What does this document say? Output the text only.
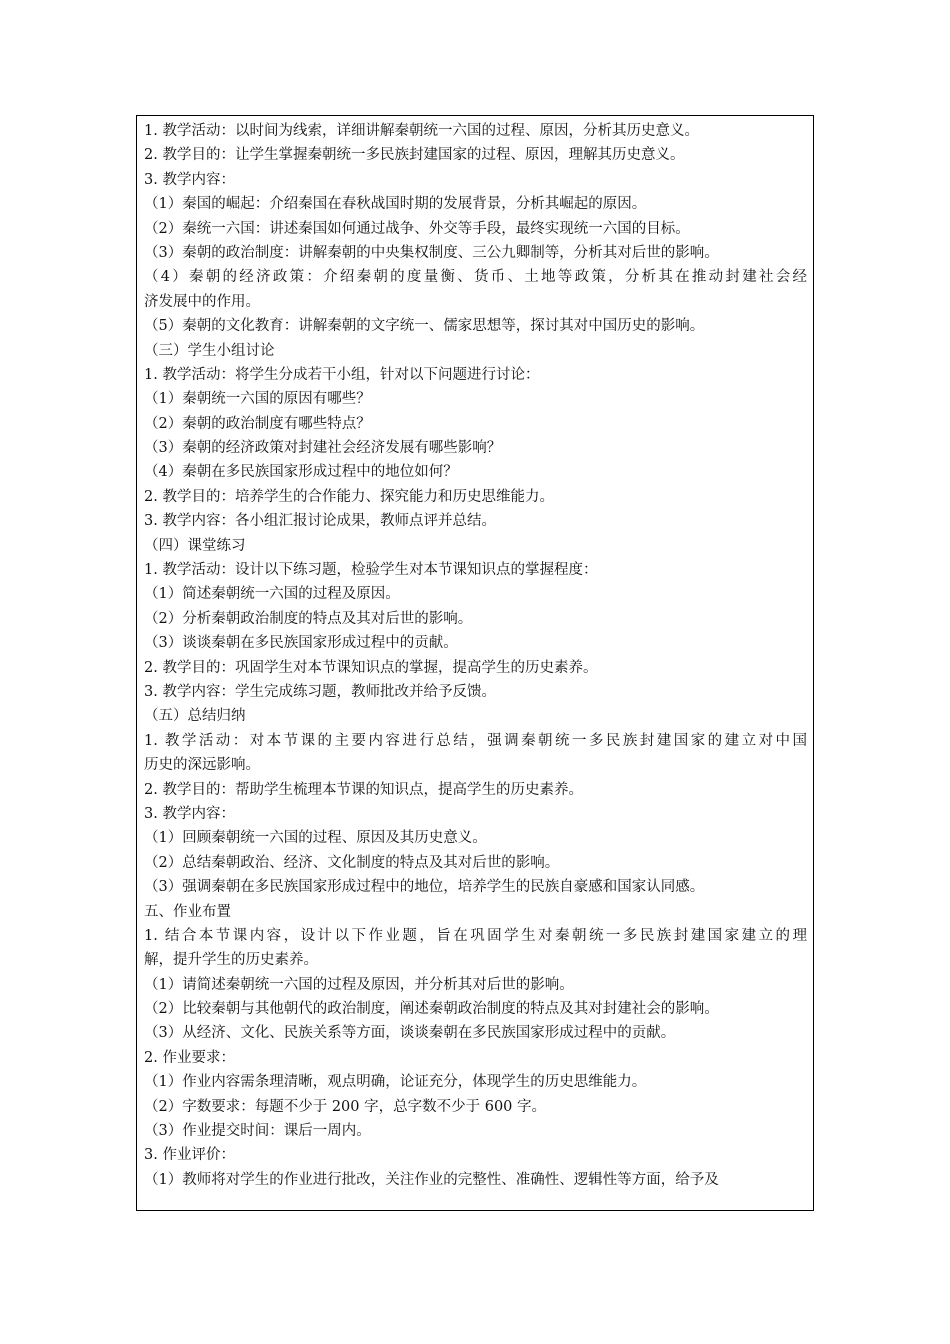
1. 教学活动：以时间为线索，详细讲解秦朝统一六国的过程、原因，分析其历史意义。
2. 教学目的：让学生掌握秦朝统一多民族封建国家的过程、原因，理解其历史意义。
3. 教学内容：
（1）秦国的崛起：介绍秦国在春秋战国时期的发展背景，分析其崛起的原因。
（2）秦统一六国：讲述秦国如何通过战争、外交等手段，最终实现统一六国的目标。
（3）秦朝的政治制度：讲解秦朝的中央集权制度、三公九卿制等，分析其对后世的影响。
（4）秦朝的经济政策：介绍秦朝的度量衡、货币、土地等政策，分析其在推动封建社会经
济发展中的作用。
（5）秦朝的文化教育：讲解秦朝的文字统一、儒家思想等，探讨其对中国历史的影响。
（三）学生小组讨论
1. 教学活动：将学生分成若干小组，针对以下问题进行讨论：
（1）秦朝统一六国的原因有哪些？
（2）秦朝的政治制度有哪些特点？
（3）秦朝的经济政策对封建社会经济发展有哪些影响？
（4）秦朝在多民族国家形成过程中的地位如何？
2. 教学目的：培养学生的合作能力、探究能力和历史思维能力。
3. 教学内容：各小组汇报讨论成果，教师点评并总结。
（四）课堂练习
1. 教学活动：设计以下练习题，检验学生对本节课知识点的掌握程度：
（1）简述秦朝统一六国的过程及原因。
（2）分析秦朝政治制度的特点及其对后世的影响。
（3）谈谈秦朝在多民族国家形成过程中的贡献。
2. 教学目的：巩固学生对本节课知识点的掌握，提高学生的历史素养。
3. 教学内容：学生完成练习题，教师批改并给予反馈。
（五）总结归纳
1. 教学活动：对本节课的主要内容进行总结，强调秦朝统一多民族封建国家的建立对中国
历史的深远影响。
2. 教学目的：帮助学生梳理本节课的知识点，提高学生的历史素养。
3. 教学内容：
（1）回顾秦朝统一六国的过程、原因及其历史意义。
（2）总结秦朝政治、经济、文化制度的特点及其对后世的影响。
（3）强调秦朝在多民族国家形成过程中的地位，培养学生的民族自豪感和国家认同感。
五、作业布置
1. 结合本节课内容，设计以下作业题，旨在巩固学生对秦朝统一多民族封建国家建立的理
解，提升学生的历史素养。
（1）请简述秦朝统一六国的过程及原因，并分析其对后世的影响。
（2）比较秦朝与其他朝代的政治制度，阐述秦朝政治制度的特点及其对封建社会的影响。
（3）从经济、文化、民族关系等方面，谈谈秦朝在多民族国家形成过程中的贡献。
2. 作业要求：
（1）作业内容需条理清晰，观点明确，论证充分，体现学生的历史思维能力。
（2）字数要求：每题不少于 200 字，总字数不少于 600 字。
（3）作业提交时间：课后一周内。
3. 作业评价：
（1）教师将对学生的作业进行批改，关注作业的完整性、准确性、逻辑性等方面，给予及
